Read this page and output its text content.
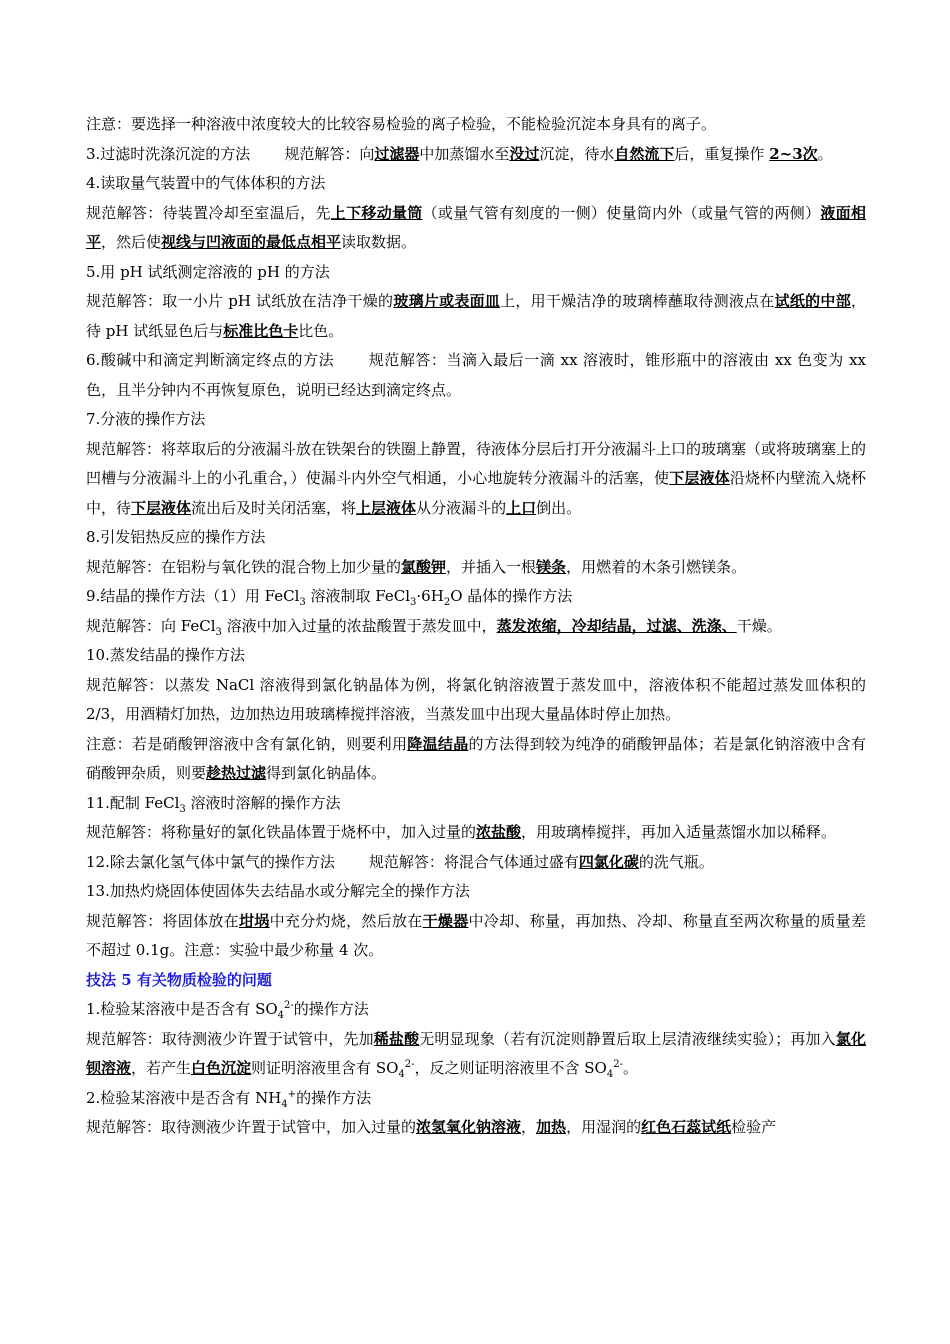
注意：要选择一种溶液中浓度较大的比较容易检验的离子检验，不能检验沉淀本身具有的离子。

3.过滤时洗涤沉淀的方法 规范解答：向过滤器中加蒸馏水至没过沉淀，待水自然流下后，重复操作 2~3次。

4.读取量气装置中的气体体积的方法

规范解答：待装置冷却至室温后，先上下移动量筒（或量气管有刻度的一侧）使量筒内外（或量气管的两侧）液面相平，然后使视线与凹液面的最低点相平读取数据。

5.用 pH 试纸测定溶液的 pH 的方法

规范解答：取一小片 pH 试纸放在洁净干燥的玻璃片或表面皿上，用干燥洁净的玻璃棒蘸取待测液点在试纸的中部，待 pH 试纸显色后与标准比色卡比色。

6.酸碱中和滴定判断滴定终点的方法 规范解答：当滴入最后一滴 xx 溶液时，锥形瓶中的溶液由 xx 色变为 xx 色，且半分钟内不再恢复原色，说明已经达到滴定终点。

7.分液的操作方法

规范解答：将萃取后的分液漏斗放在铁架台的铁圈上静置，待液体分层后打开分液漏斗上口的玻璃塞（或将玻璃塞上的凹槽与分液漏斗上的小孔重合，）使漏斗内外空气相通，小心地旋转分液漏斗的活塞，使下层液体沿烧杯内壁流入烧杯中，待下层液体流出后及时关闭活塞，将上层液体从分液漏斗的上口倒出。

8.引发铝热反应的操作方法

规范解答：在铝粉与氧化铁的混合物上加少量的氯酸钾，并插入一根镁条，用燃着的木条引燃镁条。

9.结晶的操作方法（1）用 FeCl$_3$ 溶液制取 $FeCl_3\cdot 6H_2O$ 晶体的操作方法

规范解答：向 FeCl$_3$ 溶液中加入过量的浓盐酸置于蒸发皿中，蒸发浓缩，冷却结晶，过滤、洗涤、干燥。

10.蒸发结晶的操作方法

规范解答：以蒸发 NaCl 溶液得到氯化钠晶体为例，将氯化钠溶液置于蒸发皿中，溶液体积不能超过蒸发皿体积的 2/3，用酒精灯加热，边加热边用玻璃棒搅拌溶液，当蒸发皿中出现大量晶体时停止加热。

注意：若是硝酸钾溶液中含有氯化钠，则要利用降温结晶的方法得到较为纯净的硝酸钾晶体；若是氯化钠溶液中含有硝酸钾杂质，则要趁热过滤得到氯化钠晶体。

11.配制 FeCl$_3$ 溶液时溶解的操作方法

规范解答：将称量好的氯化铁晶体置于烧杯中，加入过量的浓盐酸，用玻璃棒搅拌，再加入适量蒸馏水加以稀释。

12.除去氯化氢气体中氯气的操作方法 规范解答：将混合气体通过盛有四氯化碳的洗气瓶。

13.加热灼烧固体使固体失去结晶水或分解完全的操作方法

规范解答：将固体放在坩埚中充分灼烧，然后放在干燥器中冷却、称量，再加热、冷却、称量直至两次称量的质量差不超过 0.1g。注意：实验中最少称量 4 次。

技法 5 有关物质检验的问题

1.检验某溶液中是否含有 $SO_4^{2-}$的操作方法

规范解答：取待测液少许置于试管中，先加稀盐酸无明显现象（若有沉淀则静置后取上层清液继续实验）；再加入氯化钡溶液，若产生白色沉淀则证明溶液里含有 $SO_4^{2-}$，反之则证明溶液里不含 $SO_4^{2-}$。

2.检验某溶液中是否含有 $NH_4^+$的操作方法

规范解答：取待测液少许置于试管中，加入过量的浓氢氧化钠溶液，加热，用湿润的红色石蕊试纸检验产
